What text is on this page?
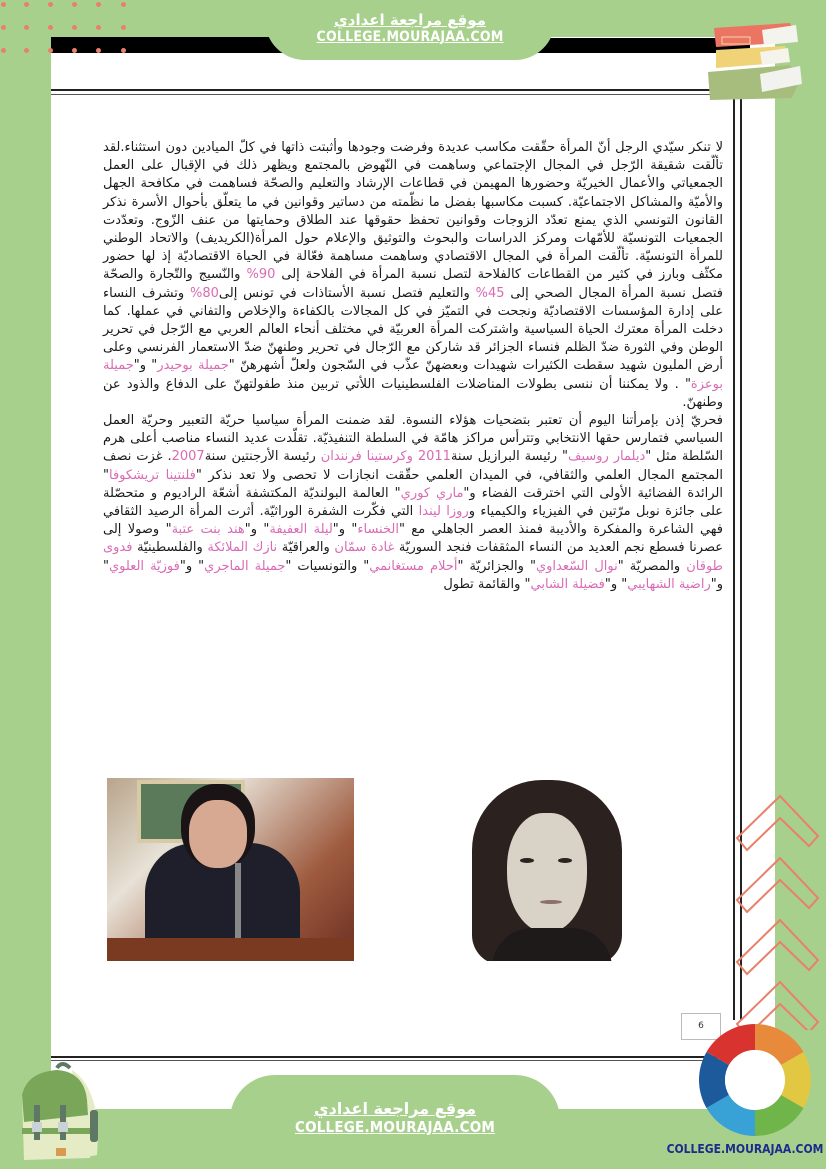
موقع مراجعة اعدادي
COLLEGE.MOURAJAA.COM

لا تنكر سيّدي الرجل أنّ المرأة حقّقت مكاسب عديدة وفرضت وجودها وأثبتت ذاتها في كلّ الميادين دون استثناء.لقد تألّقت شقيقة الرّجل في المجال الإجتماعي وساهمت في النّهوض بالمجتمع ويظهر ذلك في الإقبال على العمل الجمعياتي والأعمال الخيريّة وحضورها المهيمن في قطاعات الإرشاد والتعليم والصحّة فساهمت في مكافحة الجهل والأميّة والمشاكل الاجتماعيّة. كسبت مكاسبها بفضل ما نظّمته من دساتير وقوانين في ما يتعلّق بأحوال الأسرة نذكر القانون التونسي الذي يمنع تعدّد الزوجات وقوانين تحفظ حقوقها عند الطلاق وحمايتها من عنف الزّوج. وتعدّدت الجمعيات التونسيّة للأمّهات ومركز الدراسات والبحوث والتوثيق والإعلام حول المرأة(الكريديف) والاتحاد الوطني للمرأة التونسيّة. تألّقت المرأة في المجال الاقتصادي وساهمت مساهمة فعّالة في الحياة الاقتصاديّة إذ لها حضور مكثّف وبارز في كثير من القطاعات كالفلاحة لتصل نسبة المرأة في الفلاحة إلى 90% والنّسيج والتّجارة والصحّة فتصل نسبة المرأة المجال الصحي إلى 45% والتعليم فتصل نسبة الأستاذات في تونس إلى80% وتشرف النساء على إدارة المؤسسات الاقتصاديّة ونجحت في التميّز في كل المجالات بالكفاءة والإخلاص والتفاني في عملها. كما دخلت المرأة معترك الحياة السياسية واشتركت المرأة العربيّة في مختلف أنحاء العالم العربي مع الرّجل في تحرير الوطن وفي الثورة ضدّ الظلم فنساء الجزائر قد شاركن مع الرّجال في تحرير وطنهنّ ضدّ الاستعمار الفرنسي وعلى أرض المليون شهيد سقطت الكثيرات شهيدات وبعضهنّ عذّب في السّجون ولعلّ أشهرهنّ "جميلة بوحيدر" و"جميلة بوعزة" . ولا يمكننا أن ننسى بطولات المناضلات الفلسطينيات اللأتي تربين منذ طفولتهنّ على الدفاع والذود عن وطنهنّ.

فحريّ إذن بإمرأتنا اليوم أن تعتبر بتضحيات هؤلاء النسوة. لقد ضمنت المرأة سياسيا حريّة التعبير وحريّة العمل السياسي فتمارس حقها الانتخابي وتترأس مراكز هامّة في السلطة التنفيذيّة. تقلّدت عديد النساء مناصب أعلى هرم السّلطة مثل "ديلمار روسيف" رئيسة البرازيل سنة2011 وكرستينا فرنندان رئيسة الأرجنتين سنة2007. غزت نصف المجتمع المجال العلمي والثقافي، في الميدان العلمي حقّقت انجازات لا تحصى ولا تعد نذكر "فلنتينا تريشكوفا" الرائدة الفضائية الأولى التي اخترقت الفضاء و"ماري كوري" العالمة البولنديّة المكتشفة أشعّة الراديوم و متحصّلة على جائزة نوبل مرّتين في الفيزياء والكيمياء وروزا ليندا التي فكّرت الشفرة الوراثيّة. أثرت المرأة الرصيد الثقافي فهي الشاعرة والمفكرة والأديبة فمنذ العصر الجاهلي مع "الخنساء" و"ليلة العفيفة" و"هند بنت عتبة" وصولا إلى عصرنا فسطع نجم العديد من النساء المثقفات فنجد السوريّة غادة سمّان والعراقيّة نازك الملائكة والفلسطينيّة فدوى طوقان والمصريّة "نوال السّعداوي" والجزائريّة "أحلام مستغانمي" والتونسيات "جميلة الماجري" و"فوزيّة العلوي" و"راضية الشهايبي" و"فضيلة الشابي" والقائمة تطول

6
موقع مراجعة اعدادي
COLLEGE.MOURAJAA.COM
COLLEGE.MOURAJAA.COM
